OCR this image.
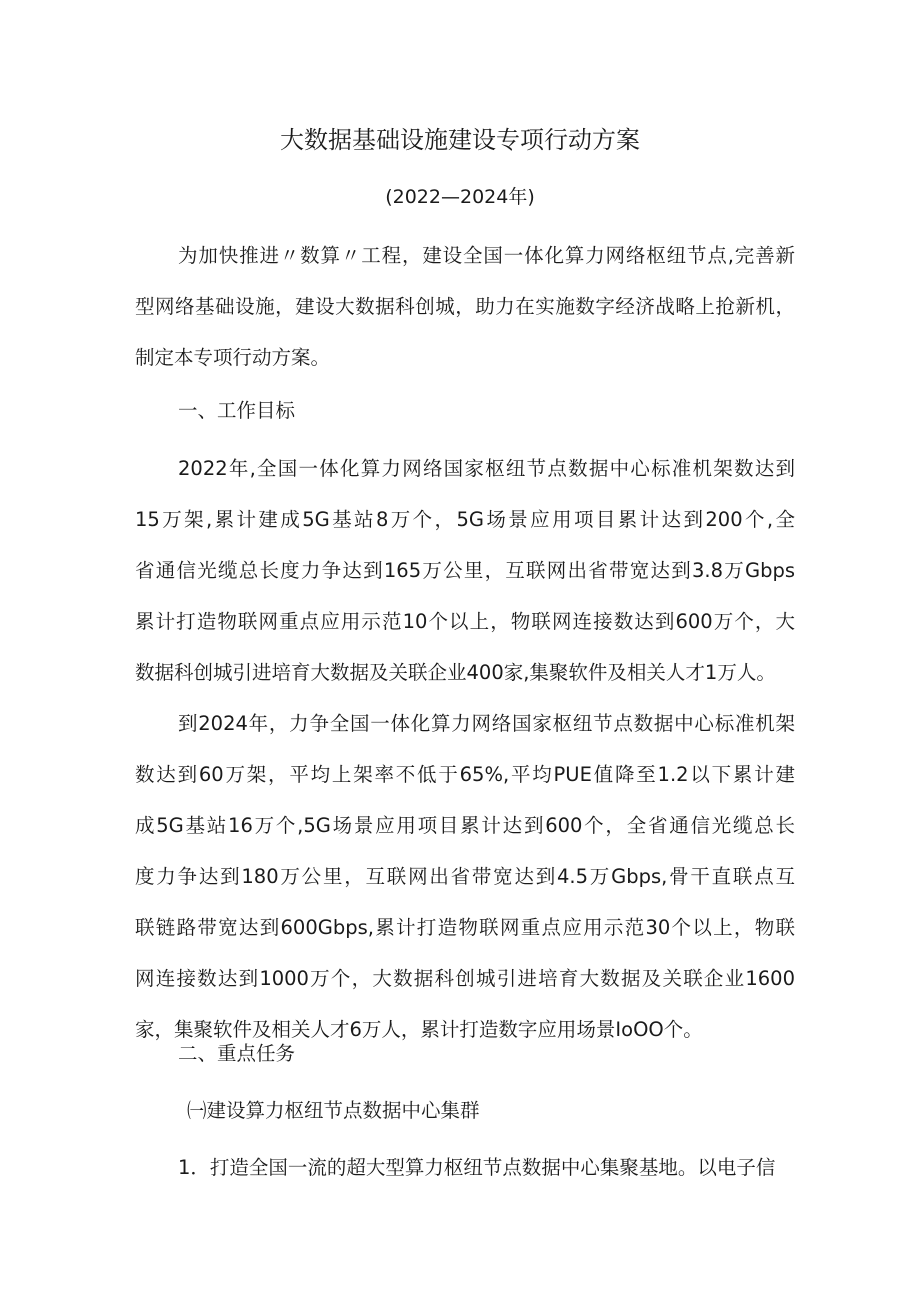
大数据基础设施建设专项行动方案
(2022—2024年)
为加快推进〃数算〃工程，建设全国一体化算力网络枢纽节点,完善新
型网络基础设施，建设大数据科创城，助力在实施数字经济战略上抢新机，
制定本专项行动方案。
一、工作目标
2022年,全国一体化算力网络国家枢纽节点数据中心标准机架数达到
15万架,累计建成5G基站8万个，5G场景应用项目累计达到200个,全
省通信光缆总长度力争达到165万公里，互联网出省带宽达到3.8万Gbps
累计打造物联网重点应用示范10个以上，物联网连接数达到600万个，大
数据科创城引进培育大数据及关联企业400家,集聚软件及相关人才1万人。
到2024年，力争全国一体化算力网络国家枢纽节点数据中心标准机架
数达到60万架，平均上架率不低于65%,平均PUE值降至1.2以下累计建
成5G基站16万个,5G场景应用项目累计达到600个，全省通信光缆总长
度力争达到180万公里，互联网出省带宽达到4.5万Gbps,骨干直联点互
联链路带宽达到600Gbps,累计打造物联网重点应用示范30个以上，物联
网连接数达到1000万个，大数据科创城引进培育大数据及关联企业1600
家，集聚软件及相关人才6万人，累计打造数字应用场景IoOO个。
二、重点任务
㈠建设算力枢纽节点数据中心集群
1．打造全国一流的超大型算力枢纽节点数据中心集聚基地。以电子信
